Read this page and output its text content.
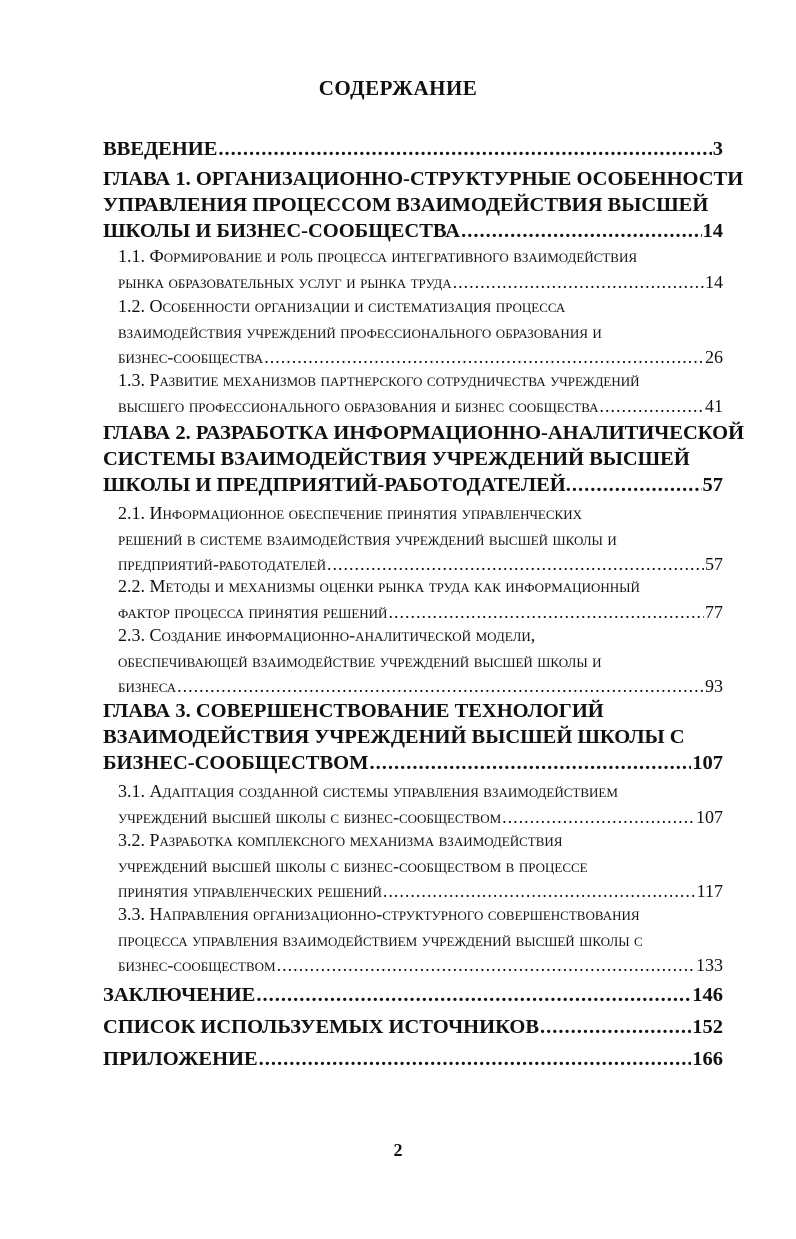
СОДЕРЖАНИЕ
ВВЕДЕНИЕ .....	3
ГЛАВА 1. ОРГАНИЗАЦИОННО-СТРУКТУРНЫЕ ОСОБЕННОСТИ
УПРАВЛЕНИЯ ПРОЦЕССОМ ВЗАИМОДЕЙСТВИЯ ВЫСШЕЙ
ШКОЛЫ И БИЗНЕС-СООБЩЕСТВА .....	14
1.1. Формирование и роль процесса интегративного взаимодействия
рынка образовательных услуг и рынка труда .....	14
1.2. Особенности организации и систематизация процесса
взаимодействия учреждений профессионального образования и
бизнес-сообщества .....	26
1.3. Развитие механизмов партнерского сотрудничества учреждений
высшего профессионального образования и бизнес сообщества .....	41
ГЛАВА 2. РАЗРАБОТКА ИНФОРМАЦИОННО-АНАЛИТИЧЕСКОЙ
СИСТЕМЫ ВЗАИМОДЕЙСТВИЯ УЧРЕЖДЕНИЙ ВЫСШЕЙ
ШКОЛЫ И ПРЕДПРИЯТИЙ-РАБОТОДАТЕЛЕЙ. .....	57
2.1. Информационное обеспечение принятия управленческих
решений в системе взаимодействия учреждений высшей школы и
предприятий-работодателей .....	57
2.2. Методы и механизмы оценки рынка труда как информационный
фактор процесса принятия решений .....	77
2.3. Создание информационно-аналитической модели,
обеспечивающей взаимодействие учреждений высшей школы и
бизнеса .....	93
ГЛАВА 3. СОВЕРШЕНСТВОВАНИЕ ТЕХНОЛОГИЙ
ВЗАИМОДЕЙСТВИЯ УЧРЕЖДЕНИЙ ВЫСШЕЙ ШКОЛЫ С
БИЗНЕС-СООБЩЕСТВОМ .....	107
3.1. Адаптация созданной системы управления взаимодействием
учреждений высшей школы с бизнес-сообществом .....	107
3.2. Разработка комплексного механизма взаимодействия
учреждений высшей школы с бизнес-сообществом в процессе
принятия управленческих решений .....	117
3.3. Направления организационно-структурного совершенствования
процесса управления взаимодействием учреждений высшей школы с
бизнес-сообществом .....	133
ЗАКЛЮЧЕНИЕ .....	146
СПИСОК ИСПОЛЬЗУЕМЫХ ИСТОЧНИКОВ .....	152
ПРИЛОЖЕНИЕ .....	166
2
